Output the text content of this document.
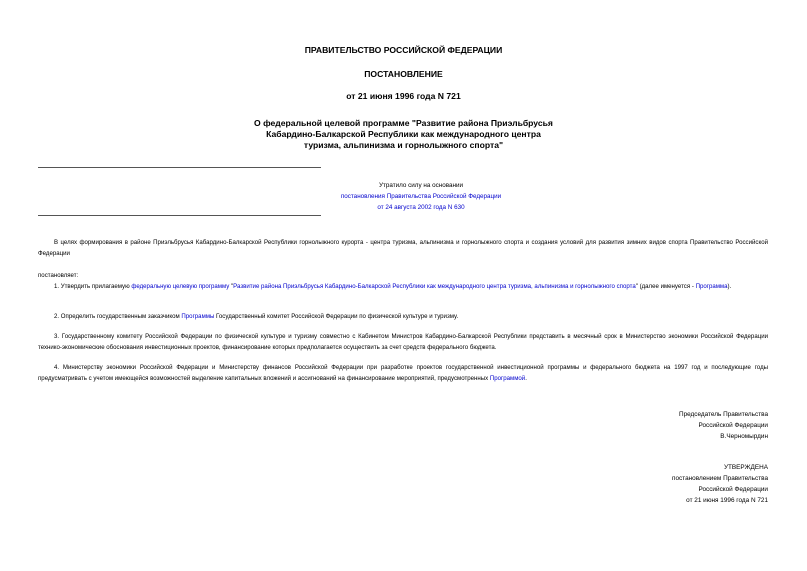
ПРАВИТЕЛЬСТВО РОССИЙСКОЙ ФЕДЕРАЦИИ
ПОСТАНОВЛЕНИЕ
от 21 июня 1996 года N 721
О федеральной целевой программе "Развитие района Приэльбрусья
Кабардино-Балкарской Республики как международного центра
туризма, альпинизма и горнолыжного спорта"
Утратило силу на основании
постановления Правительства Российской Федерации
от 24 августа 2002 года N 630
В целях формирования в районе Приэльбрусья Кабардино-Балкарской Республики горнолыжного курорта - центра туризма, альпинизма и горнолыжного спорта и создания условий для развития зимних видов спорта Правительство Российской Федерации
постановляет:
1. Утвердить прилагаемую федеральную целевую программу "Развитие района Приэльбрусья Кабардино-Балкарской Республики как международного центра туризма, альпинизма и горнолыжного спорта" (далее именуется - Программа).
2. Определить государственным заказчиком Программы Государственный комитет Российской Федерации по физической культуре и туризму.
3. Государственному комитету Российской Федерации по физической культуре и туризму совместно с Кабинетом Министров Кабардино-Балкарской Республики представить в месячный срок в Министерство экономики Российской Федерации технико-экономические обоснования инвестиционных проектов, финансирование которых предполагается осуществить за счет средств федерального бюджета.
4. Министерству экономики Российской Федерации и Министерству финансов Российской Федерации при разработке проектов государственной инвестиционной программы и федерального бюджета на 1997 год и последующие годы предусматривать с учетом имеющейся возможностей выделение капитальных вложений и ассигнований на финансирование мероприятий, предусмотренных Программой.
Председатель Правительства
Российской Федерации
В.Черномырдин
УТВЕРЖДЕНА
постановлением Правительства
Российской Федерации
от 21 июня 1996 года N 721
